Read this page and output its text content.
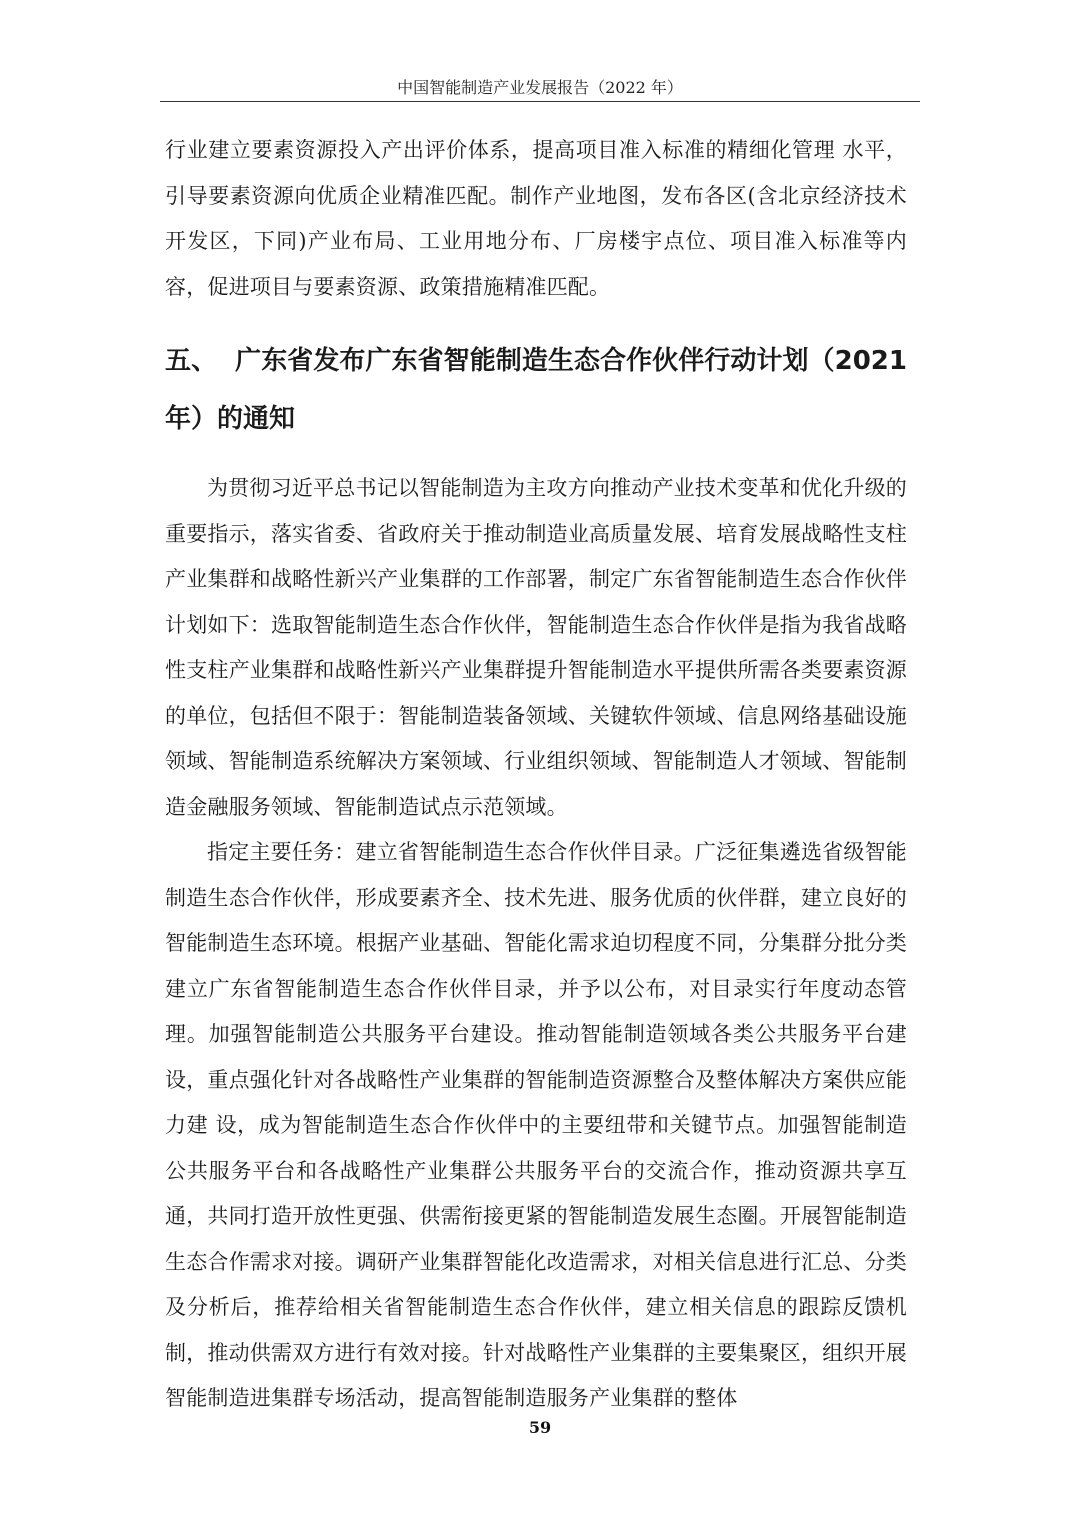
中国智能制造产业发展报告（2022 年）

行业建立要素资源投入产出评价体系，提高项目准入标准的精细化管理 水平，引导要素资源向优质企业精准匹配。制作产业地图，发布各区(含北京经济技术开发区，下同)产业布局、工业用地分布、厂房楼宇点位、项目准入标准等内容，促进项目与要素资源、政策措施精准匹配。

五、 广东省发布广东省智能制造生态合作伙伴行动计划（2021 年）的通知

为贯彻习近平总书记以智能制造为主攻方向推动产业技术变革和优化升级的重要指示，落实省委、省政府关于推动制造业高质量发展、培育发展战略性支柱产业集群和战略性新兴产业集群的工作部署，制定广东省智能制造生态合作伙伴计划如下：选取智能制造生态合作伙伴，智能制造生态合作伙伴是指为我省战略性支柱产业集群和战略性新兴产业集群提升智能制造水平提供所需各类要素资源的单位，包括但不限于：智能制造装备领域、关键软件领域、信息网络基础设施领域、智能制造系统解决方案领域、行业组织领域、智能制造人才领域、智能制造金融服务领域、智能制造试点示范领域。

指定主要任务：建立省智能制造生态合作伙伴目录。广泛征集遴选省级智能制造生态合作伙伴，形成要素齐全、技术先进、服务优质的伙伴群，建立良好的智能制造生态环境。根据产业基础、智能化需求迫切程度不同，分集群分批分类建立广东省智能制造生态合作伙伴目录，并予以公布，对目录实行年度动态管理。加强智能制造公共服务平台建设。推动智能制造领域各类公共服务平台建设，重点强化针对各战略性产业集群的智能制造资源整合及整体解决方案供应能力建 设，成为智能制造生态合作伙伴中的主要纽带和关键节点。加强智能制造公共服务平台和各战略性产业集群公共服务平台的交流合作，推动资源共享互通，共同打造开放性更强、供需衔接更紧的智能制造发展生态圈。开展智能制造生态合作需求对接。调研产业集群智能化改造需求，对相关信息进行汇总、分类及分析后，推荐给相关省智能制造生态合作伙伴，建立相关信息的跟踪反馈机制，推动供需双方进行有效对接。针对战略性产业集群的主要集聚区，组织开展智能制造进集群专场活动，提高智能制造服务产业集群的整体

59
